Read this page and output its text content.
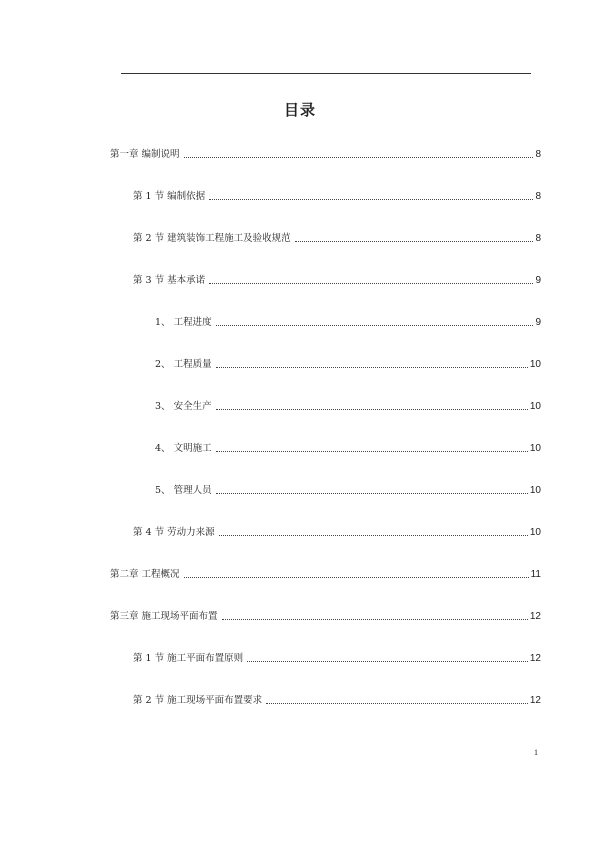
目录
第一章 编制说明	8
第 1 节 编制依据	8
第 2 节 建筑装饰工程施工及验收规范	8
第 3 节 基本承诺	9
1、 工程进度	9
2、 工程质量	10
3、 安全生产	10
4、 文明施工	10
5、 管理人员	10
第 4 节 劳动力来源	10
第二章 工程概况	11
第三章 施工现场平面布置	12
第 1 节 施工平面布置原则	12
第 2 节 施工现场平面布置要求	12
1
